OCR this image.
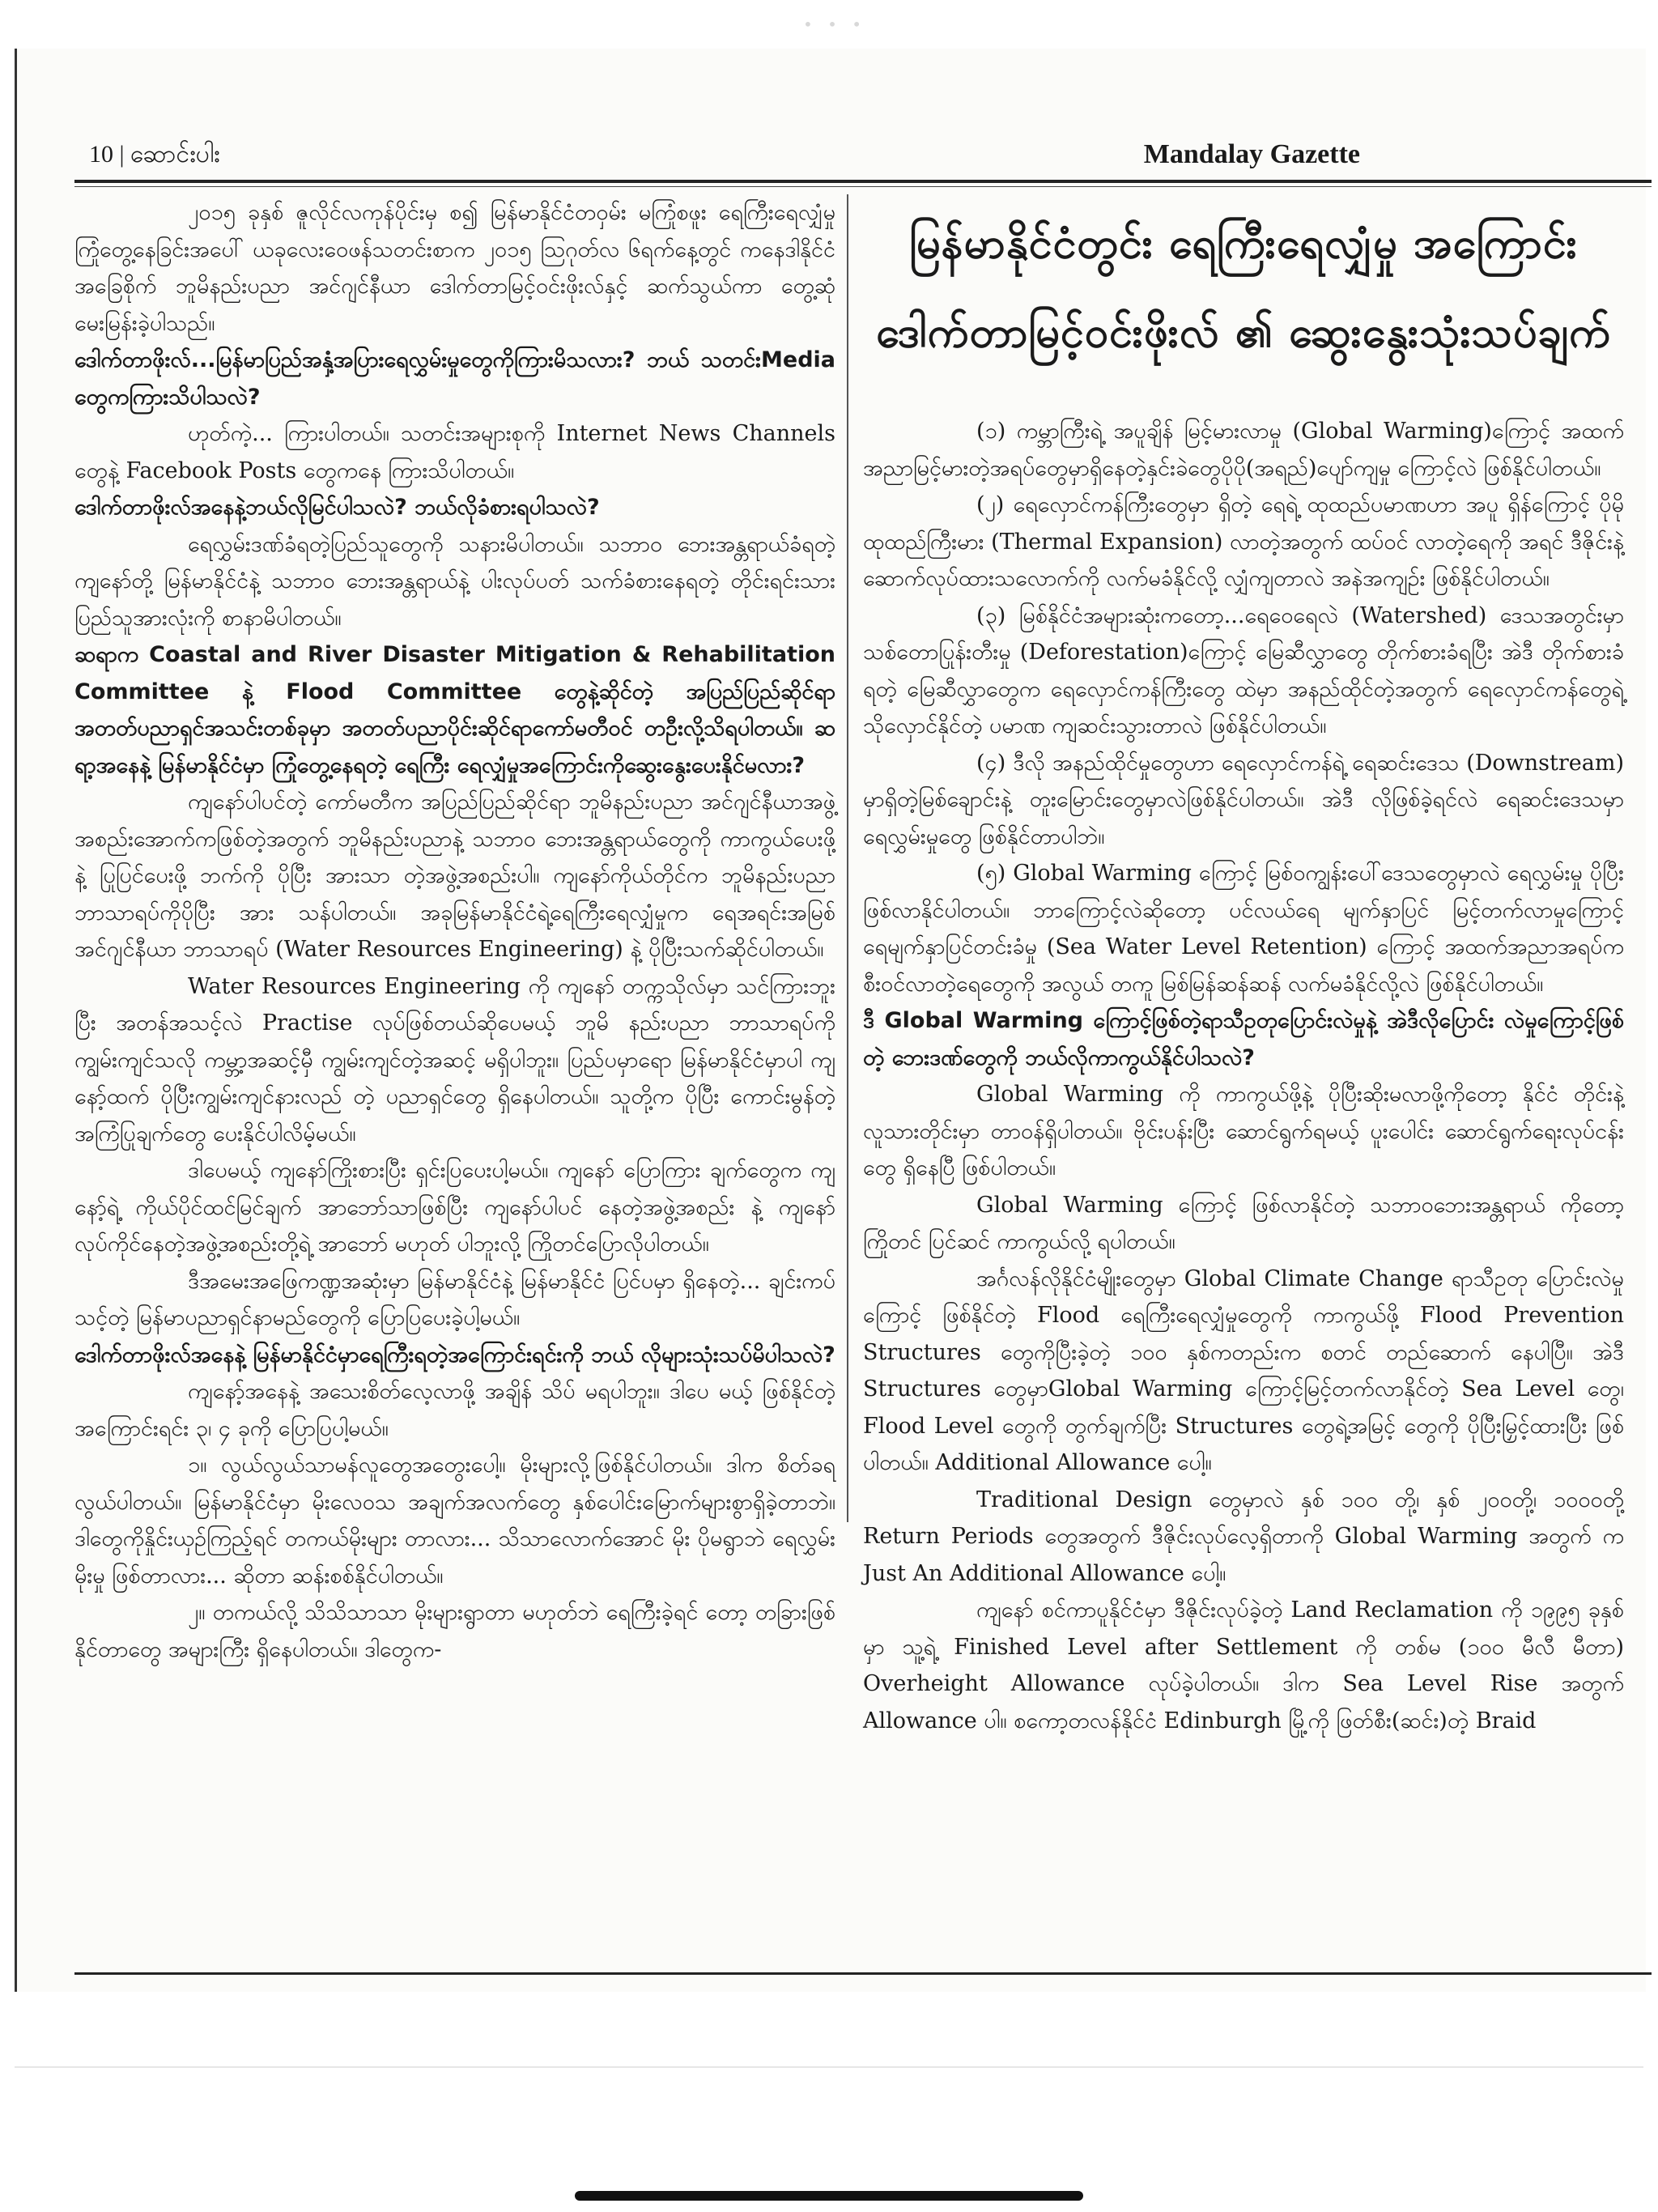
• • •
10 | ဆောင်းပါး	Mandalay Gazette

၂၀၁၅ ခုနှစ် ဇူလိုင်လကုန်ပိုင်းမှ စ၍ မြန်မာနိုင်ငံတဝှမ်း မကြုံစဖူး ရေကြီးရေလျှံမှု ကြုံတွေ့နေခြင်းအပေါ် ယခုလေးဝေဖန်သတင်းစာက ၂၀၁၅ ဩဂုတ်လ ၆ရက်နေ့တွင် ကနေဒါနိုင်ငံအခြေစိုက် ဘူမိနည်းပညာ အင်ဂျင်နီယာ ဒေါက်တာမြင့်ဝင်းဖိုးလ်နှင့် ဆက်သွယ်ကာ တွေ့ဆုံမေးမြန်းခဲ့ပါသည်။

ဒေါက်တာဖိုးလ်...မြန်မာပြည်အနှံ့အပြားရေလွှမ်းမှုတွေကိုကြားမိသလား? ဘယ် သတင်းMedia တွေကကြားသိပါသလဲ?

ဟုတ်ကဲ့... ကြားပါတယ်။ သတင်းအများစုကို Internet News Channels တွေနဲ့ Facebook Posts တွေကနေ ကြားသိပါတယ်။

ဒေါက်တာဖိုးလ်အနေနဲ့ဘယ်လိုမြင်ပါသလဲ? ဘယ်လိုခံစားရပါသလဲ?

ရေလွှမ်းဒဏ်ခံရတဲ့ပြည်သူတွေကို သနားမိပါတယ်။ သဘာဝ ဘေးအန္တရာယ်ခံရတဲ့ ကျနော်တို့ မြန်မာနိုင်ငံနဲ့ သဘာဝ ဘေးအန္တရာယ်နဲ့ ပါးလုပ်ပတ် သက်ခံစားနေရတဲ့ တိုင်းရင်းသားပြည်သူအားလုံးကို စာနာမိပါတယ်။

ဆရာက Coastal and River Disaster Mitigation & Rehabilitation Committee နဲ့ Flood Committee တွေနဲ့ဆိုင်တဲ့ အပြည်ပြည်ဆိုင်ရာ အတတ်ပညာရှင်အသင်းတစ်ခုမှာ အတတ်ပညာပိုင်းဆိုင်ရာကော်မတီဝင် တဦးလို့သိရပါတယ်။ ဆရာ့အနေနဲ့ မြန်မာနိုင်ငံမှာ ကြုံတွေ့နေရတဲ့ ရေကြီး ရေလျှံမှုအကြောင်းကိုဆွေးနွေးပေးနိုင်မလား?

ကျနော်ပါပင်တဲ့ ကော်မတီက အပြည်ပြည်ဆိုင်ရာ ဘူမိနည်းပညာ အင်ဂျင်နီယာအဖွဲ့အစည်းအောက်ကဖြစ်တဲ့အတွက် ဘူမိနည်းပညာနဲ့ သဘာဝ ဘေးအန္တရာယ်တွေကို ကာကွယ်ပေးဖို့ နဲ့ ပြုပြင်ပေးဖို့ ဘက်ကို ပိုပြီး အားသာ တဲ့အဖွဲ့အစည်းပါ။ ကျနော်ကိုယ်တိုင်က ဘူမိနည်းပညာဘာသာရပ်ကိုပိုပြီး အား သန်ပါတယ်။ အခုမြန်မာနိုင်ငံရဲ့ရေကြီးရေလျှံမှုက ရေအရင်းအမြစ်အင်ဂျင်နီယာ ဘာသာရပ် (Water Resources Engineering) နဲ့ ပိုပြီးသက်ဆိုင်ပါတယ်။

Water Resources Engineering ကို ကျနော် တက္ကသိုလ်မှာ သင်ကြားဘူးပြီး အတန်အသင့်လဲ Practise လုပ်ဖြစ်တယ်ဆိုပေမယ့် ဘူမိ နည်းပညာ ဘာသာရပ်ကို ကျွမ်းကျင်သလို ကမ္ဘာ့အဆင့်မှီ ကျွမ်းကျင်တဲ့အဆင့် မရှိပါဘူး။ ပြည်ပမှာရော မြန်မာနိုင်ငံမှာပါ ကျနော့်ထက် ပိုပြီးကျွမ်းကျင်နားလည် တဲ့ ပညာရှင်တွေ ရှိနေပါတယ်။ သူတို့က ပိုပြီး ကောင်းမွန်တဲ့ အကြံပြုချက်တွေ ပေးနိုင်ပါလိမ့်မယ်။

ဒါပေမယ့် ကျနော်ကြိုးစားပြီး ရှင်းပြပေးပါ့မယ်။ ကျနော် ပြောကြား ချက်တွေက ကျနော့်ရဲ့ ကိုယ်ပိုင်ထင်မြင်ချက် အာဘော်သာဖြစ်ပြီး ကျနော်ပါပင် နေတဲ့အဖွဲ့အစည်း နဲ့ ကျနော် လုပ်ကိုင်နေတဲ့အဖွဲ့အစည်းတို့ရဲ့ အာဘော် မဟုတ် ပါဘူးလို့ ကြိုတင်ပြောလိုပါတယ်။

ဒီအမေးအဖြေကဏ္ဍအဆုံးမှာ မြန်မာနိုင်ငံနဲ့ မြန်မာနိုင်ငံ ပြင်ပမှာ ရှိနေတဲ့... ချင်းကပ်သင့်တဲ့ မြန်မာပညာရှင်နာမည်တွေကို ပြောပြပေးခဲ့ပါ့မယ်။

ဒေါက်တာဖိုးလ်အနေနဲ့ မြန်မာနိုင်ငံမှာရေကြီးရတဲ့အကြောင်းရင်းကို ဘယ် လိုများသုံးသပ်မိပါသလဲ?

ကျနော့်အနေနဲ့ အသေးစိတ်လေ့လာဖို့ အချိန် သိပ် မရပါဘူး။ ဒါပေ မယ့် ဖြစ်နိုင်တဲ့ အကြောင်းရင်း ၃၊ ၄ ခုကို ပြောပြပါ့မယ်။

၁။ လွယ်လွယ်သာမန်လူတွေအတွေးပေါ့။ မိုးများလို့ဖြစ်နိုင်ပါတယ်။ ဒါက စိတ်ခရ လွယ်ပါတယ်။ မြန်မာနိုင်ငံမှာ မိုးလေဝသ အချက်အလက်တွေ နှစ်ပေါင်းမြောက်များစွာရှိခဲ့တာဘဲ။ ဒါတွေကိုနှိုင်းယှဉ်ကြည့်ရင် တကယ်မိုးများ တာလား... သိသာလောက်အောင် မိုး ပိုမရွာဘဲ ရေလွှမ်းမိုးမှု ဖြစ်တာလား... ဆိုတာ ဆန်းစစ်နိုင်ပါတယ်။

၂။ တကယ်လို့ သိသိသာသာ မိုးများရွာတာ မဟုတ်ဘဲ ရေကြီးခဲ့ရင် တော့ တခြားဖြစ်နိုင်တာတွေ အများကြီး ရှိနေပါတယ်။ ဒါတွေက-

မြန်မာနိုင်ငံတွင်း ရေကြီးရေလျှံမှု အကြောင်း
ဒေါက်တာမြင့်ဝင်းဖိုးလ် ၏ ဆွေးနွေးသုံးသပ်ချက်

(၁) ကမ္ဘာကြီးရဲ့ အပူချိန် မြင့်မားလာမှု (Global Warming)ကြောင့် အထက်အညာမြင့်မားတဲ့အရပ်တွေမှာရှိနေတဲ့နှင်းခဲတွေပိုပို(အရည်)ပျော်ကျမှု ကြောင့်လဲ ဖြစ်နိုင်ပါတယ်။

(၂) ရေလှောင်ကန်ကြီးတွေမှာ ရှိတဲ့ ရေရဲ့ ထုထည်ပမာဏဟာ အပူ ရှိန်ကြောင့် ပိုမိုထုထည်ကြီးမား (Thermal Expansion) လာတဲ့အတွက် ထပ်ဝင် လာတဲ့ရေကို အရင် ဒီဇိုင်းနဲ့ ဆောက်လုပ်ထားသလောက်ကို လက်မခံနိုင်လို့ လျှံကျတာလဲ အနဲအကျဉ်း ဖြစ်နိုင်ပါတယ်။

(၃) မြစ်နိုင်ငံအများဆုံးကတော့...ရေဝေရေလဲ (Watershed) ဒေသအတွင်းမှာ သစ်တောပြုန်းတီးမှု (Deforestation)ကြောင့် မြေဆီလွှာတွေ တိုက်စားခံရပြီး အဲဒီ တိုက်စားခံရတဲ့ မြေဆီလွှာတွေက ရေလှောင်ကန်ကြီးတွေ ထဲမှာ အနည်ထိုင်တဲ့အတွက် ရေလှောင်ကန်တွေရဲ့ သိုလှောင်နိုင်တဲ့ ပမာဏ ကျဆင်းသွားတာလဲ ဖြစ်နိုင်ပါတယ်။

(၄) ဒီလို အနည်ထိုင်မှုတွေဟာ ရေလှောင်ကန်ရဲ့ ရေဆင်းဒေသ (Downstream) မှာရှိတဲ့မြစ်ချောင်းနဲ့ တူးမြောင်းတွေမှာလဲဖြစ်နိုင်ပါတယ်။ အဲဒီ လိုဖြစ်ခဲ့ရင်လဲ ရေဆင်းဒေသမှာ ရေလွှမ်းမှုတွေ ဖြစ်နိုင်တာပါဘဲ။

(၅) Global Warming ကြောင့် မြစ်ဝကျွန်းပေါ်ဒေသတွေမှာလဲ ရေလွှမ်းမှု ပိုပြီး ဖြစ်လာနိုင်ပါတယ်။ ဘာကြောင့်လဲဆိုတော့ ပင်လယ်ရေ မျက်နှာပြင် မြင့်တက်လာမှုကြောင့် ရေမျက်နှာပြင်တင်းခံမှု (Sea Water Level Retention) ကြောင့် အထက်အညာအရပ်က စီးဝင်လာတဲ့ရေတွေကို အလွယ် တကူ မြစ်မြန်ဆန်ဆန် လက်မခံနိုင်လို့လဲ ဖြစ်နိုင်ပါတယ်။

ဒီ Global Warming ကြောင့်ဖြစ်တဲ့ရာသီဥတုပြောင်းလဲမှုနဲ့ အဲဒီလိုပြောင်း လဲမှုကြောင့်ဖြစ်တဲ့ ဘေးဒဏ်တွေကို ဘယ်လိုကာကွယ်နိုင်ပါသလဲ?

Global Warming ကို ကာကွယ်ဖို့နဲ့ ပိုပြီးဆိုးမလာဖို့ကိုတော့ နိုင်ငံ တိုင်းနဲ့ လူသားတိုင်းမှာ တာဝန်ရှိပါတယ်။ ဗိုင်းပန်းပြီး ဆောင်ရွက်ရမယ့် ပူးပေါင်း ဆောင်ရွက်ရေးလုပ်ငန်းတွေ ရှိနေပြီ ဖြစ်ပါတယ်။

Global Warming ကြောင့် ဖြစ်လာနိုင်တဲ့ သဘာဝဘေးအန္တရာယ် ကိုတော့ ကြိုတင် ပြင်ဆင် ကာကွယ်လို့ ရပါတယ်။

အင်္ဂလန်လိုနိုင်ငံမျိုးတွေမှာ Global Climate Change ရာသီဥတု ပြောင်းလဲမှုကြောင့် ဖြစ်နိုင်တဲ့ Flood ရေကြီးရေလျှံမှုတွေကို ကာကွယ်ဖို့ Flood Prevention Structures တွေကိုပြီးခဲ့တဲ့ ၁၀၀ နှစ်ကတည်းက စတင် တည်ဆောက် နေပါပြီ။ အဲဒီ Structures တွေမှာGlobal Warming ကြောင့်မြင့်တက်လာနိုင်တဲ့ Sea Level တွေ၊ Flood Level တွေကို တွက်ချက်ပြီး Structures တွေရဲ့အမြင့် တွေကို ပိုပြီးမြှင့်ထားပြီး ဖြစ်ပါတယ်။ Additional Allowance ပေါ့။

Traditional Design တွေမှာလဲ နှစ် ၁၀၀ တို့၊ နှစ် ၂၀၀တို့၊ ၁၀၀၀တို့ Return Periods တွေအတွက် ဒီဇိုင်းလုပ်လေ့ရှိတာကို Global Warming အတွက် က Just An Additional Allowance ပေါ့။

ကျနော် စင်ကာပူနိုင်ငံမှာ ဒီဇိုင်းလုပ်ခဲ့တဲ့ Land Reclamation ကို ၁၉၉၅ ခုနှစ်မှာ သူ့ရဲ့ Finished Level after Settlement ကို တစ်မ (၁၀၀ မီလီ မီတာ) Overheight Allowance လုပ်ခဲ့ပါတယ်။ ဒါက Sea Level Rise အတွက် Allowance ပါ။ စကော့တလန်နိုင်ငံ Edinburgh မြို့ကို ဖြတ်စီး(ဆင်း)တဲ့ Braid
